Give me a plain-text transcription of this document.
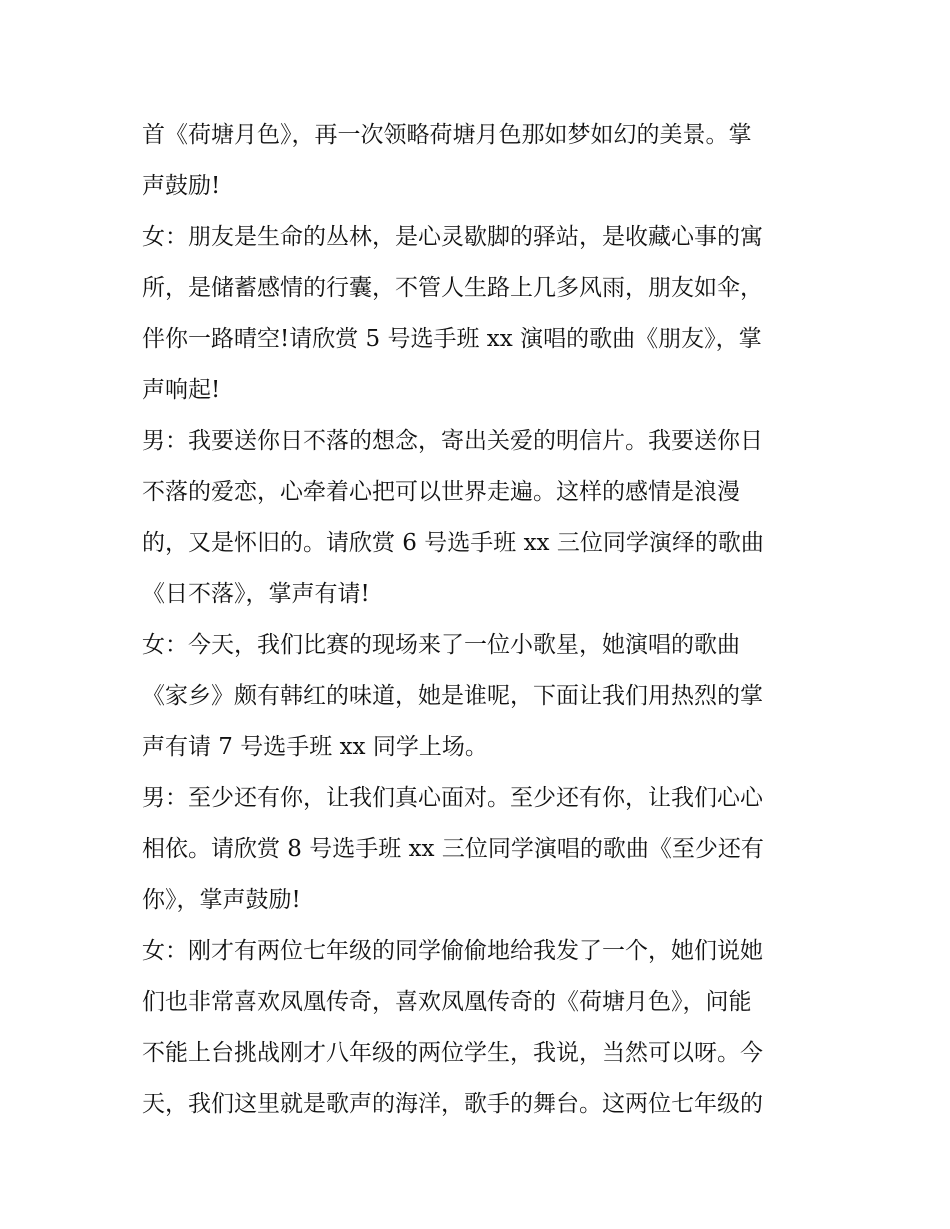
首《荷塘月色》，再一次领略荷塘月色那如梦如幻的美景。掌
声鼓励!
女：朋友是生命的丛林，是心灵歇脚的驿站，是收藏心事的寓
所，是储蓄感情的行囊，不管人生路上几多风雨，朋友如伞，
伴你一路晴空!请欣赏 5 号选手班 xx 演唱的歌曲《朋友》，掌
声响起!
男：我要送你日不落的想念，寄出关爱的明信片。我要送你日
不落的爱恋，心牵着心把可以世界走遍。这样的感情是浪漫
的，又是怀旧的。请欣赏 6 号选手班 xx 三位同学演绎的歌曲
《日不落》，掌声有请!
女：今天，我们比赛的现场来了一位小歌星，她演唱的歌曲
《家乡》颇有韩红的味道，她是谁呢，下面让我们用热烈的掌
声有请 7 号选手班 xx 同学上场。
男：至少还有你，让我们真心面对。至少还有你，让我们心心
相依。请欣赏 8 号选手班 xx 三位同学演唱的歌曲《至少还有
你》，掌声鼓励!
女：刚才有两位七年级的同学偷偷地给我发了一个，她们说她
们也非常喜欢凤凰传奇，喜欢凤凰传奇的《荷塘月色》，问能
不能上台挑战刚才八年级的两位学生，我说，当然可以呀。今
天，我们这里就是歌声的海洋，歌手的舞台。这两位七年级的
